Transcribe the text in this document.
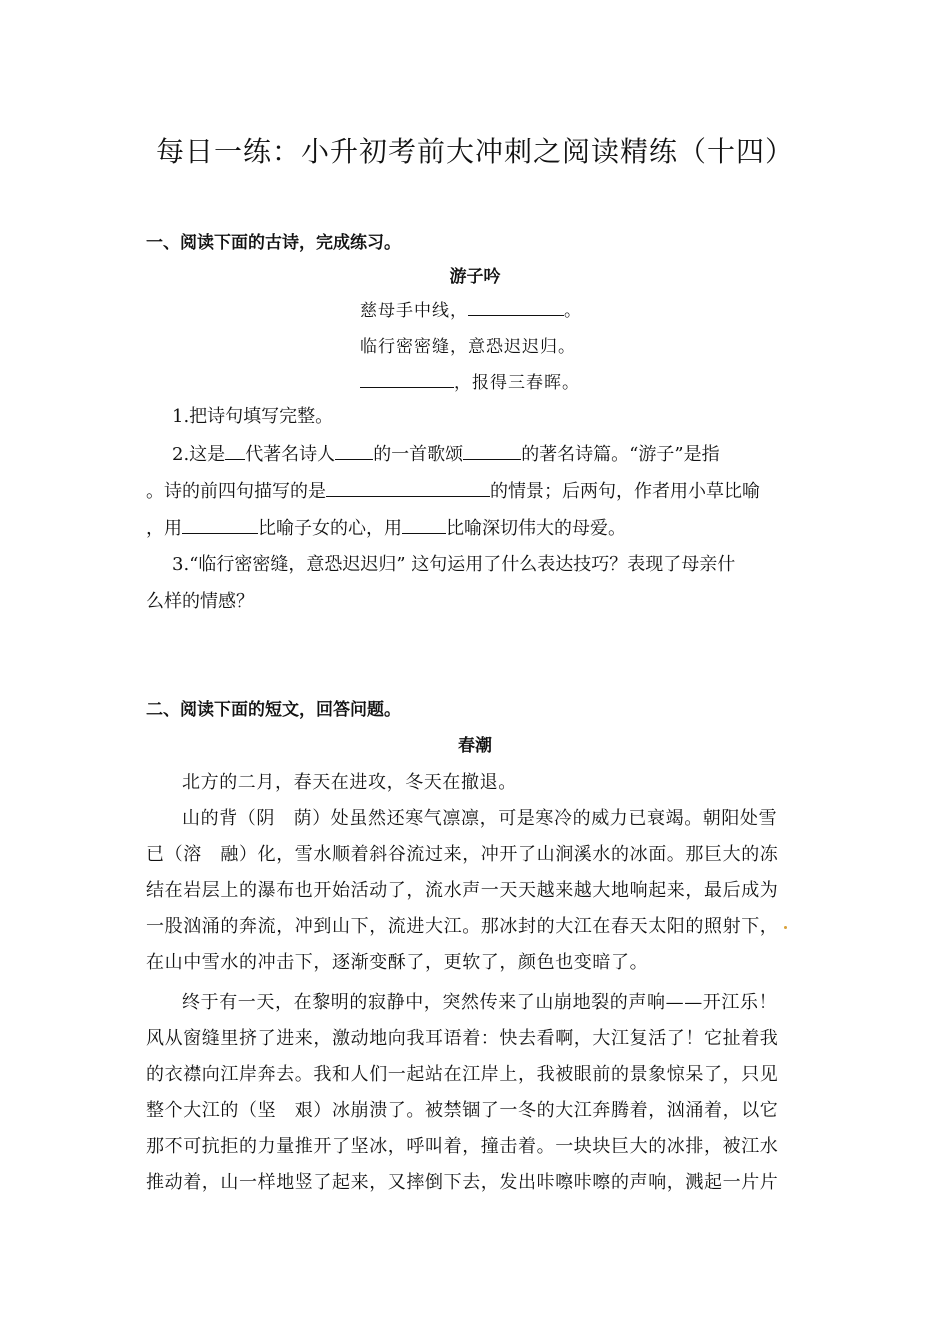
每日一练：小升初考前大冲刺之阅读精练（十四）
一、阅读下面的古诗，完成练习。
游子吟
慈母手中线，	。
临行密密缝，意恐迟迟归。
，报得三春晖。
1.把诗句填写完整。
2.这是 代著名诗人 的一首歌颂	的著名诗篇。“游子”是指
。诗的前四句描写的是	的情景；后两句，作者用小草比喻
，用	比喻子女的心，用 比喻深切伟大的母爱。
3.“临行密密缝，意恐迟迟归” 这句运用了什么表达技巧？表现了母亲什
么样的情感？
二、阅读下面的短文，回答问题。
春潮
北方的二月，春天在进攻，冬天在撤退。
山的背（阴　荫）处虽然还寒气凛凛，可是寒冷的威力已衰竭。朝阳处雪
已（溶　融）化，雪水顺着斜谷流过来，冲开了山涧溪水的冰面。那巨大的冻
结在岩层上的瀑布也开始活动了，流水声一天天越来越大地响起来，最后成为
一股汹涌的奔流，冲到山下，流进大江。那冰封的大江在春天太阳的照射下，
在山中雪水的冲击下，逐渐变酥了，更软了，颜色也变暗了。
终于有一天，在黎明的寂静中，突然传来了山崩地裂的声响——开江乐！
风从窗缝里挤了进来，激动地向我耳语着：快去看啊，大江复活了！它扯着我
的衣襟向江岸奔去。我和人们一起站在江岸上，我被眼前的景象惊呆了，只见
整个大江的（坚　艰）冰崩溃了。被禁锢了一冬的大江奔腾着，汹涌着，以它
那不可抗拒的力量推开了坚冰，呼叫着，撞击着。一块块巨大的冰排，被江水
推动着，山一样地竖了起来，又摔倒下去，发出咔嚓咔嚓的声响，溅起一片片
